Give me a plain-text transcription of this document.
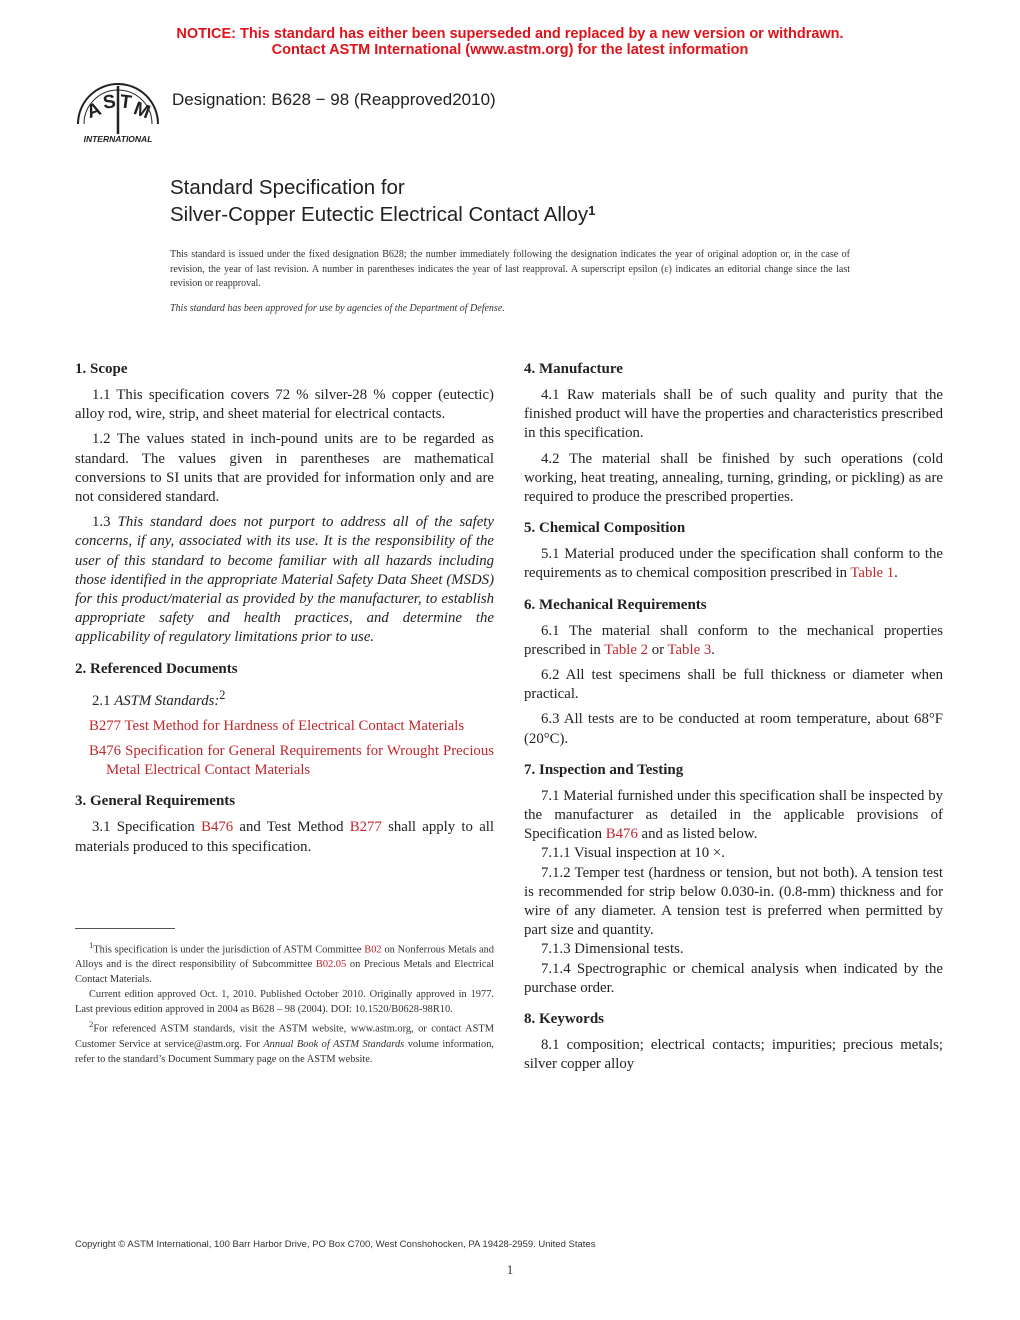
NOTICE: This standard has either been superseded and replaced by a new version or withdrawn.
Contact ASTM International (www.astm.org) for the latest information
A
S T
M
INTERNATIONAL
Designation: B628 − 98 (Reapproved2010)
Standard Specification for
Silver-Copper Eutectic Electrical Contact Alloy$^1$
This standard is issued under the fixed designation B628; the number immediately following the designation indicates the year of original adoption or, in the case of revision, the year of last revision. A number in parentheses indicates the year of last reapproval. A superscript epsilon (ε) indicates an editorial change since the last revision or reapproval.
This standard has been approved for use by agencies of the Department of Defense.
1. Scope

1.1 This specification covers 72 % silver-28 % copper (eutectic) alloy rod, wire, strip, and sheet material for electrical contacts.

1.2 The values stated in inch-pound units are to be regarded as standard. The values given in parentheses are mathematical conversions to SI units that are provided for information only and are not considered standard.

1.3 This standard does not purport to address all of the safety concerns, if any, associated with its use. It is the responsibility of the user of this standard to become familiar with all hazards including those identified in the appropriate Material Safety Data Sheet (MSDS) for this product/material as provided by the manufacturer, to establish appropriate safety and health practices, and determine the applicability of regulatory limitations prior to use.

2. Referenced Documents

2.1 ASTM Standards:$^2$

B277 Test Method for Hardness of Electrical Contact Materials

B476 Specification for General Requirements for Wrought Precious Metal Electrical Contact Materials

3. General Requirements

3.1 Specification B476 and Test Method B277 shall apply to all materials produced to this specification.

4. Manufacture

4.1 Raw materials shall be of such quality and purity that the finished product will have the properties and characteristics prescribed in this specification.

4.2 The material shall be finished by such operations (cold working, heat treating, annealing, turning, grinding, or pickling) as are required to produce the prescribed properties.

5. Chemical Composition

5.1 Material produced under the specification shall conform to the requirements as to chemical composition prescribed in Table 1.

6. Mechanical Requirements

6.1 The material shall conform to the mechanical properties prescribed in Table 2 or Table 3.

6.2 All test specimens shall be full thickness or diameter when practical.

6.3 All tests are to be conducted at room temperature, about 68°F (20°C).

7. Inspection and Testing

7.1 Material furnished under this specification shall be inspected by the manufacturer as detailed in the applicable provisions of Specification B476 and as listed below.

7.1.1 Visual inspection at 10 ×.

7.1.2 Temper test (hardness or tension, but not both). A tension test is recommended for strip below 0.030-in. (0.8-mm) thickness and for wire of any diameter. A tension test is preferred when permitted by part size and quantity.

7.1.3 Dimensional tests.

7.1.4 Spectrographic or chemical analysis when indicated by the purchase order.

8. Keywords

8.1 composition; electrical contacts; impurities; precious metals; silver copper alloy

$^1$This specification is under the jurisdiction of ASTM Committee B02 on Nonferrous Metals and Alloys and is the direct responsibility of Subcommittee B02.05 on Precious Metals and Electrical Contact Materials.

Current edition approved Oct. 1, 2010. Published October 2010. Originally approved in 1977. Last previous edition approved in 2004 as B628 – 98 (2004). DOI: 10.1520/B0628-98R10.

$^2$For referenced ASTM standards, visit the ASTM website, www.astm.org, or contact ASTM Customer Service at service@astm.org. For Annual Book of ASTM Standards volume information, refer to the standard’s Document Summary page on the ASTM website.

Copyright © ASTM International, 100 Barr Harbor Drive, PO Box C700, West Conshohocken, PA 19428-2959. United States
1
